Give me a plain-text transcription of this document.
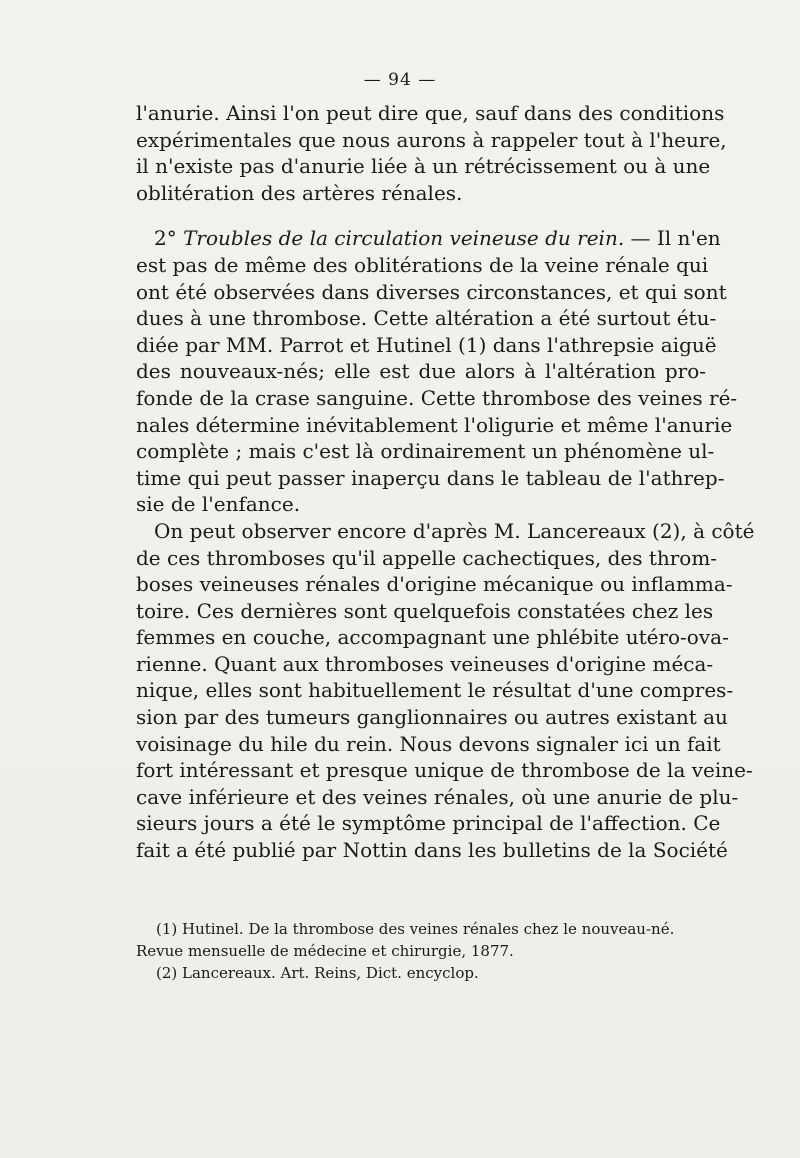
— 94 —
l'anurie. Ainsi l'on peut dire que, sauf dans des conditions
expérimentales que nous aurons à rappeler tout à l'heure,
il n'existe pas d'anurie liée à un rétrécissement ou à une
oblitération des artères rénales.
2° Troubles de la circulation veineuse du rein. — Il n'en
est pas de même des oblitérations de la veine rénale qui
ont été observées dans diverses circonstances, et qui sont
dues à une thrombose. Cette altération a été surtout étu-
diée par MM. Parrot et Hutinel (1) dans l'athrepsie aiguë
des nouveaux-nés; elle est due alors à l'altération pro-
fonde de la crase sanguine. Cette thrombose des veines ré-
nales détermine inévitablement l'oligurie et même l'anurie
complète ; mais c'est là ordinairement un phénomène ul-
time qui peut passer inaperçu dans le tableau de l'athrep-
sie de l'enfance.
On peut observer encore d'après M. Lancereaux (2), à côté
de ces thromboses qu'il appelle cachectiques, des throm-
boses veineuses rénales d'origine mécanique ou inflamma-
toire. Ces dernières sont quelquefois constatées chez les
femmes en couche, accompagnant une phlébite utéro-ova-
rienne. Quant aux thromboses veineuses d'origine méca-
nique, elles sont habituellement le résultat d'une compres-
sion par des tumeurs ganglionnaires ou autres existant au
voisinage du hile du rein. Nous devons signaler ici un fait
fort intéressant et presque unique de thrombose de la veine-
cave inférieure et des veines rénales, où une anurie de plu-
sieurs jours a été le symptôme principal de l'affection. Ce
fait a été publié par Nottin dans les bulletins de la Société
(1) Hutinel. De la thrombose des veines rénales chez le nouveau-né.
Revue mensuelle de médecine et chirurgie, 1877.
(2) Lancereaux. Art. Reins, Dict. encyclop.
